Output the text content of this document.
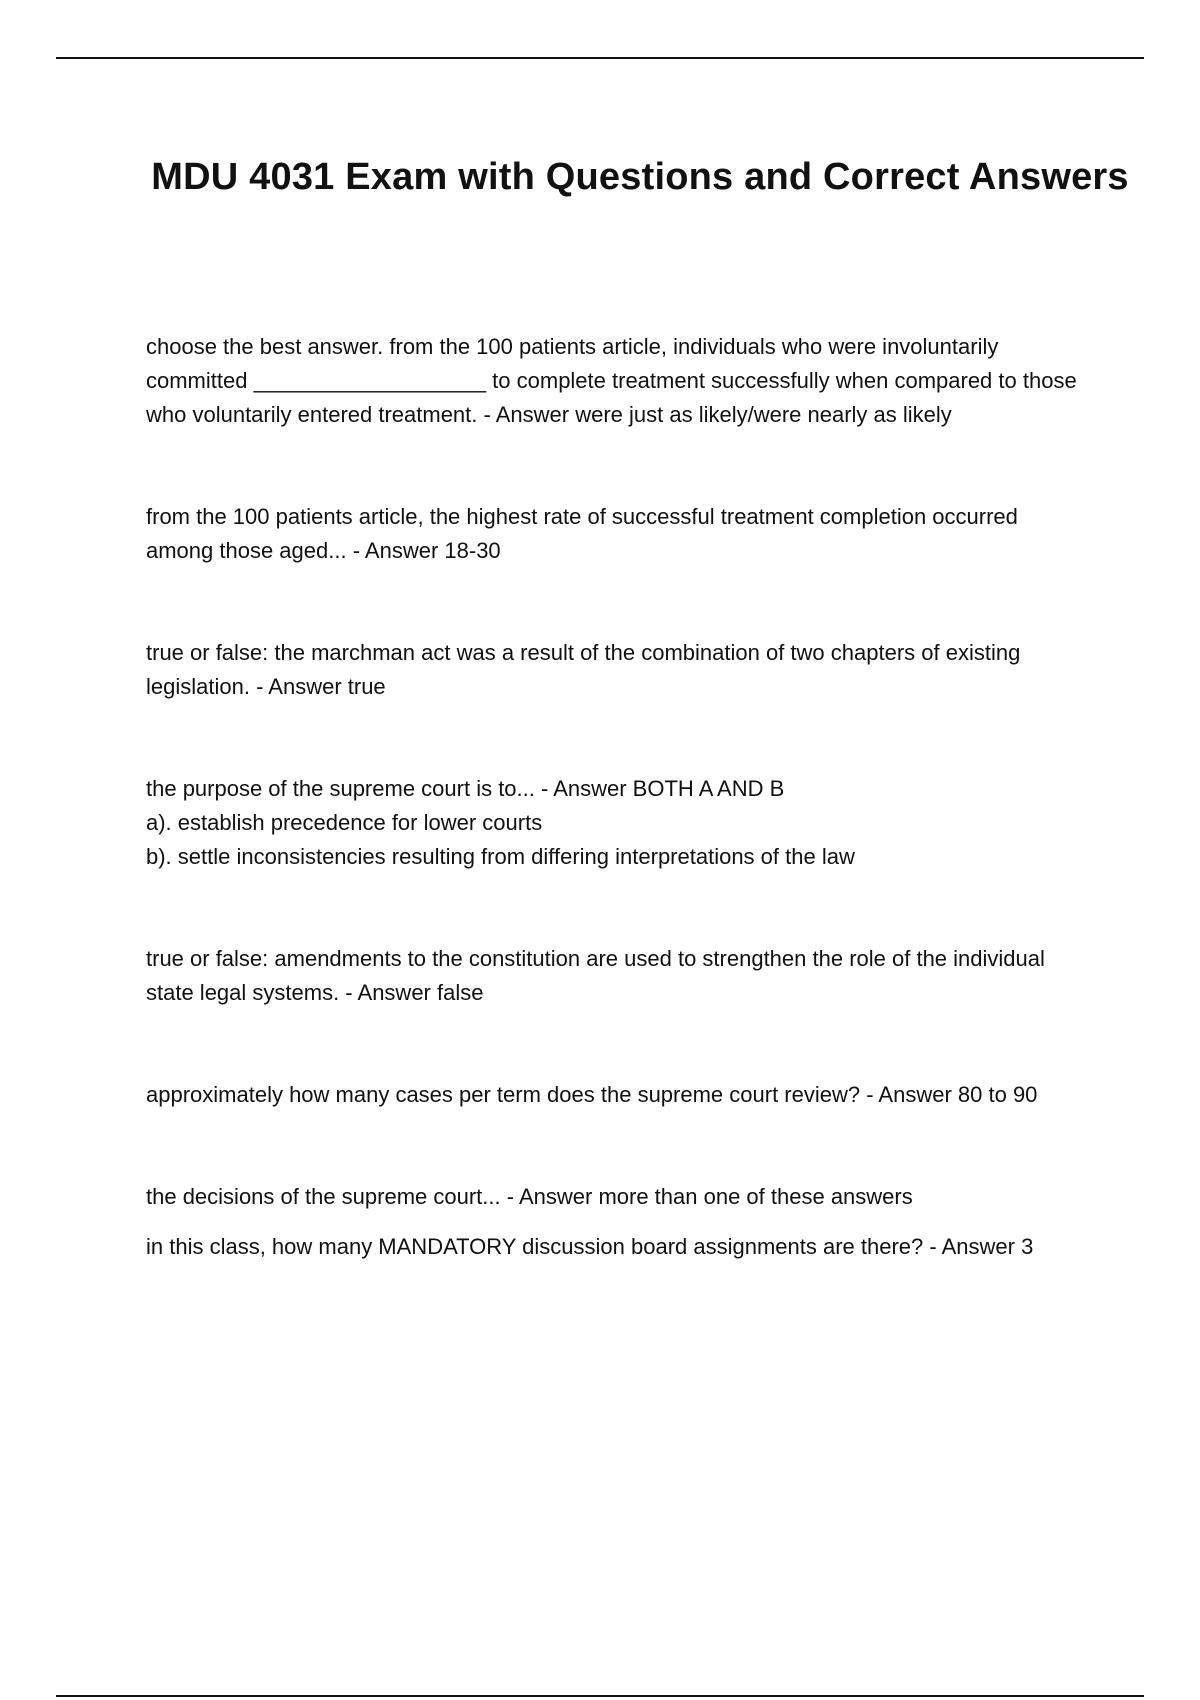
MDU 4031 Exam with Questions and Correct Answers

choose the best answer. from the 100 patients article, individuals who were involuntarily committed ___________________ to complete treatment successfully when compared to those who voluntarily entered treatment. - Answer were just as likely/were nearly as likely

from the 100 patients article, the highest rate of successful treatment completion occurred among those aged... - Answer 18-30

true or false: the marchman act was a result of the combination of two chapters of existing legislation. - Answer true

the purpose of the supreme court is to... - Answer BOTH A AND B

a). establish precedence for lower courts

b). settle inconsistencies resulting from differing interpretations of the law

true or false: amendments to the constitution are used to strengthen the role of the individual state legal systems. - Answer false

approximately how many cases per term does the supreme court review? - Answer 80 to 90

the decisions of the supreme court... - Answer more than one of these answers

in this class, how many MANDATORY discussion board assignments are there? - Answer 3
